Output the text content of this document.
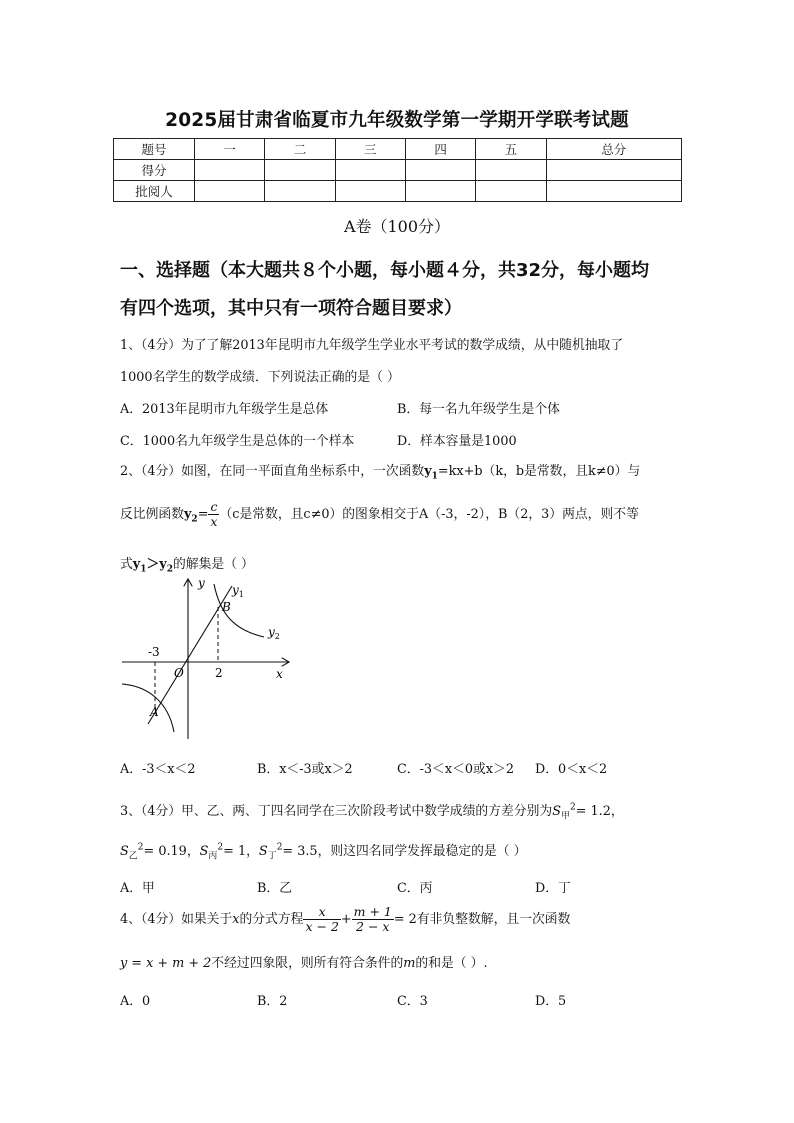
2025届甘肃省临夏市九年级数学第一学期开学联考试题
题号	一	二	三	四	五	总分
得分						
批阅人						
A卷（100分）
一、选择题（本大题共８个小题，每小题４分，共32分，每小题均
有四个选项，其中只有一项符合题目要求）
1、（4分）为了了解2013年昆明市九年级学生学业水平考试的数学成绩，从中随机抽取了
1000名学生的数学成绩．下列说法正确的是（ ）
A．2013年昆明市九年级学生是总体	B．每一名九年级学生是个体
C．1000名九年级学生是总体的一个样本	D．样本容量是1000
2、（4分）如图，在同一平面直角坐标系中，一次函数$y_1=kx+b(k$，b是常数，且k≠0）与
反比例函数$y_2= \frac{c}{x} (c$是常数，且c≠0）的图象相交于A（-3，-2），B（2，3）两点，则不等
式$y_1>y_2$的解集是（ ）
y
x
O
-3
2
A
B
$y_1$
$y_2$
A．-3＜x＜2	B．x＜-3或x＞2	C．-3＜x＜0或x＞2 D．0＜x＜2
3、（4分）甲、乙、两、丁四名同学在三次阶段考试中数学成绩的方差分别为$S_甲^2= 1.2$，
$S_乙^2= 0.19$，$S_丙^2= 1$，$S_丁^2= 3.5$，则这四名同学发挥最稳定的是（ ）
A．甲	B．乙	C．丙	D．丁
4、（4分）如果关于x的分式方程 $\frac{x}{x - 2} + \frac{m + 1}{2 - x} = 2$有非负整数解，且一次函数
y = x + m + 2不经过四象限，则所有符合条件的m的和是（ ）.
A．0	B．2	C．3	D．5
